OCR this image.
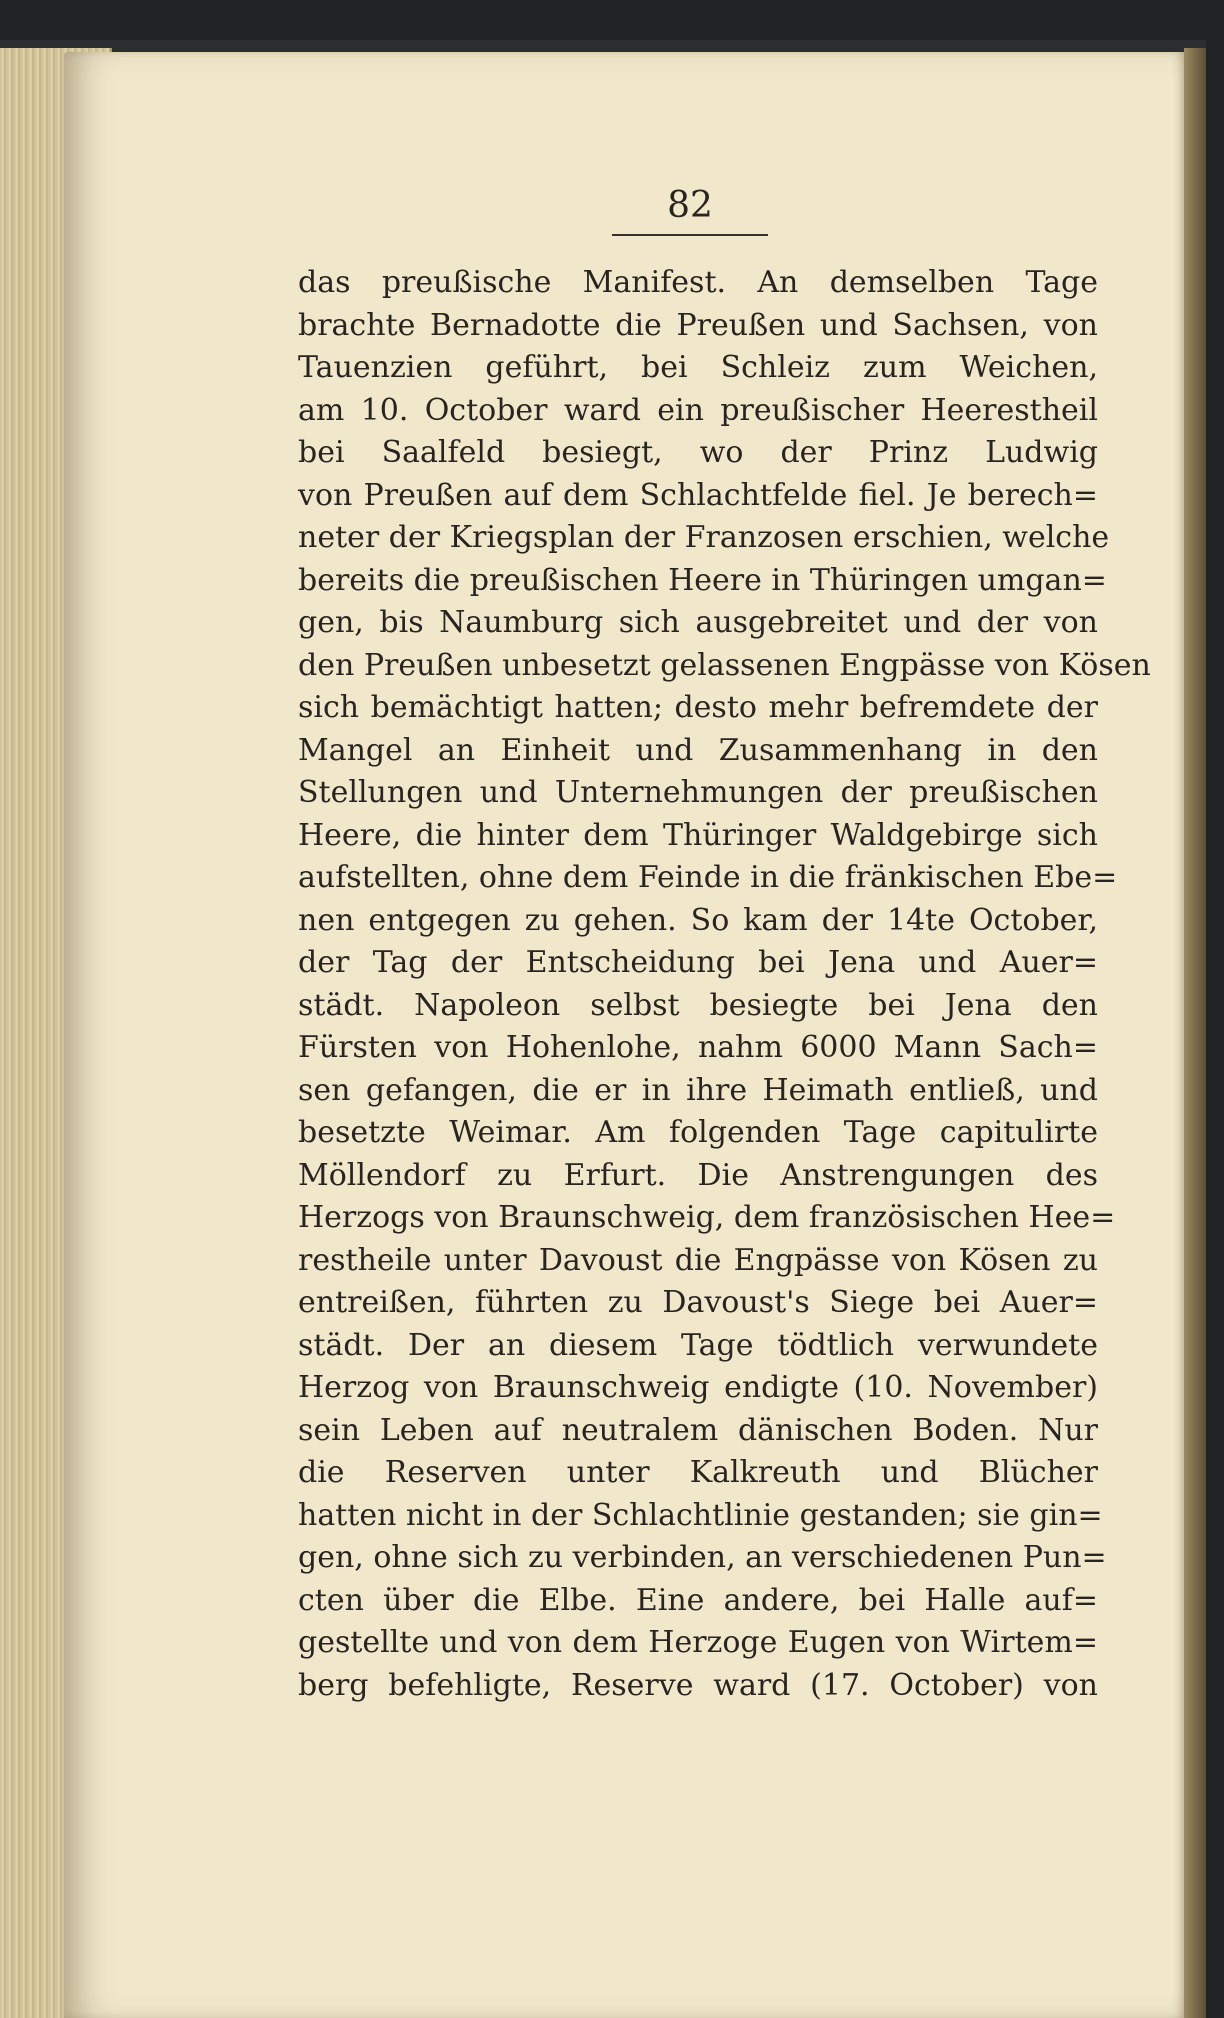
82
das preußische Manifest. An demselben Tage
brachte Bernadotte die Preußen und Sachsen, von
Tauenzien geführt, bei Schleiz zum Weichen,
am 10. October ward ein preußischer Heerestheil
bei Saalfeld besiegt, wo der Prinz Ludwig
von Preußen auf dem Schlachtfelde fiel. Je berech=
neter der Kriegsplan der Franzosen erschien, welche
bereits die preußischen Heere in Thüringen umgan=
gen, bis Naumburg sich ausgebreitet und der von
den Preußen unbesetzt gelassenen Engpässe von Kösen
sich bemächtigt hatten; desto mehr befremdete der
Mangel an Einheit und Zusammenhang in den
Stellungen und Unternehmungen der preußischen
Heere, die hinter dem Thüringer Waldgebirge sich
aufstellten, ohne dem Feinde in die fränkischen Ebe=
nen entgegen zu gehen. So kam der 14te October,
der Tag der Entscheidung bei Jena und Auer=
städt. Napoleon selbst besiegte bei Jena den
Fürsten von Hohenlohe, nahm 6000 Mann Sach=
sen gefangen, die er in ihre Heimath entließ, und
besetzte Weimar. Am folgenden Tage capitulirte
Möllendorf zu Erfurt. Die Anstrengungen des
Herzogs von Braunschweig, dem französischen Hee=
restheile unter Davoust die Engpässe von Kösen zu
entreißen, führten zu Davoust's Siege bei Auer=
städt. Der an diesem Tage tödtlich verwundete
Herzog von Braunschweig endigte (10. November)
sein Leben auf neutralem dänischen Boden. Nur
die Reserven unter Kalkreuth und Blücher
hatten nicht in der Schlachtlinie gestanden; sie gin=
gen, ohne sich zu verbinden, an verschiedenen Pun=
cten über die Elbe. Eine andere, bei Halle auf=
gestellte und von dem Herzoge Eugen von Wirtem=
berg befehligte, Reserve ward (17. October) von
